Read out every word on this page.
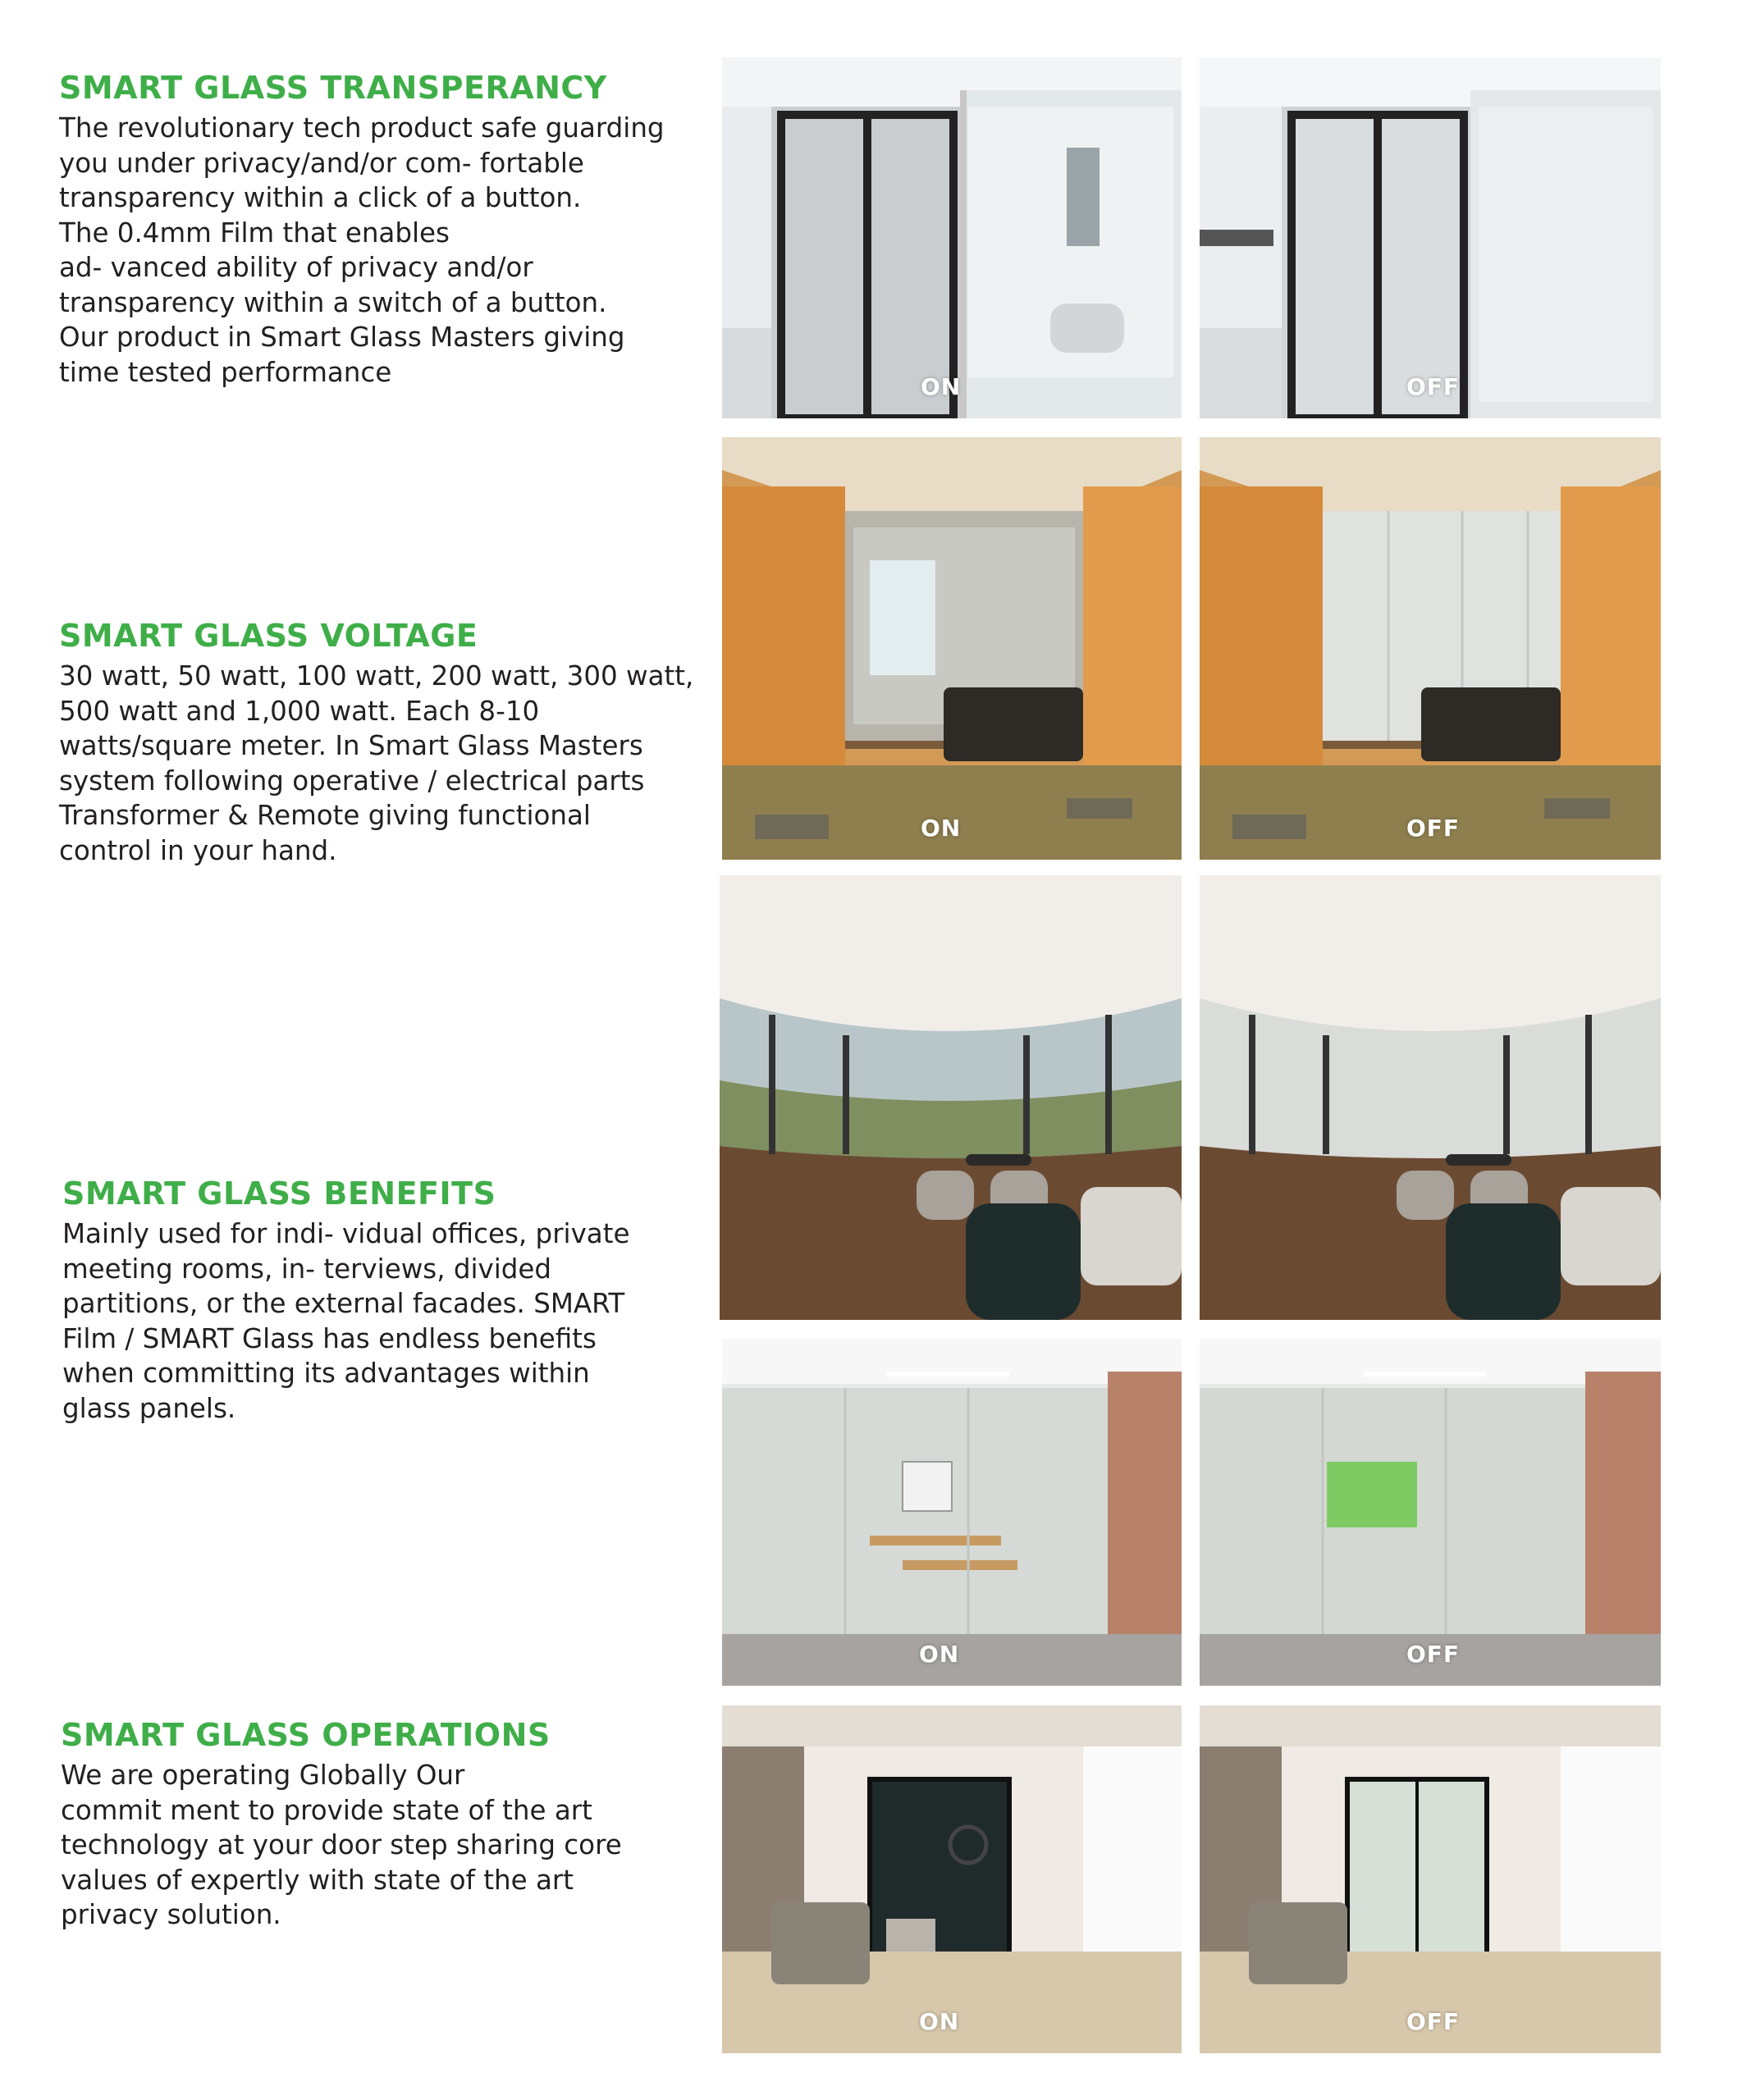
SMART GLASS TRANSPERANCY

The revolutionary tech product safe guarding
you under privacy/and/or com- fortable
transparency within a click of a button.
The 0.4mm Film that enables
ad- vanced ability of privacy and/or
transparency within a switch of a button.
Our product in Smart Glass Masters giving
time tested performance

SMART GLASS VOLTAGE

30 watt, 50 watt, 100 watt, 200 watt, 300 watt,
500 watt and 1,000 watt. Each 8-10
watts/square meter. In Smart Glass Masters
system following operative / electrical parts
Transformer & Remote giving functional
control in your hand.

SMART GLASS BENEFITS

Mainly used for indi- vidual offices, private
meeting rooms, in- terviews, divided
partitions, or the external facades. SMART
Film / SMART Glass has endless benefits
when committing its advantages within
glass panels.

SMART GLASS OPERATIONS

We are operating Globally Our
commit ment to provide state of the art
technology at your door step sharing core
values of expertly with state of the art
privacy solution.

ON	OFF
ON	OFF
ON	OFF
ON	OFF
